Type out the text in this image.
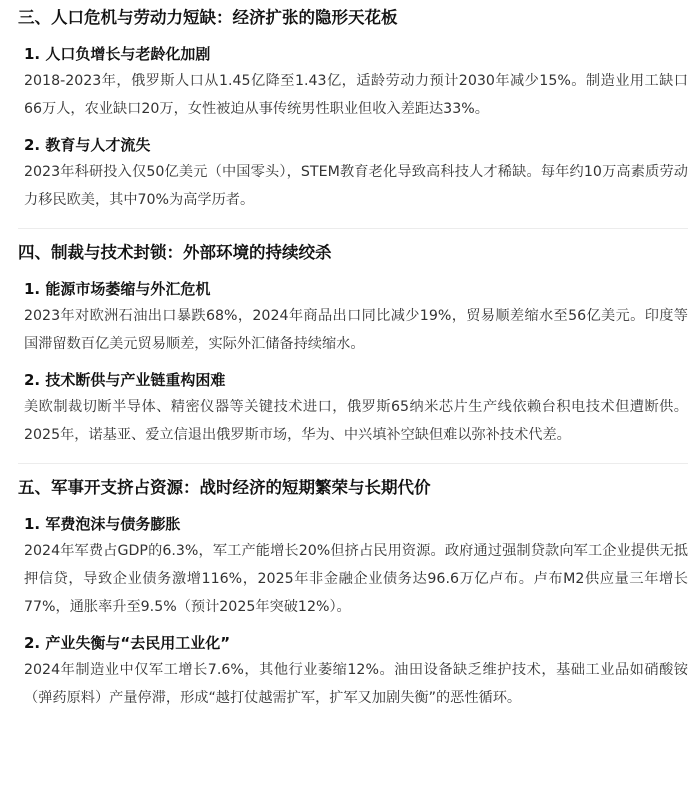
三、人口危机与劳动力短缺：经济扩张的隐形天花板
1. 人口负增长与老龄化加剧

2018-2023年，俄罗斯人口从1.45亿降至1.43亿，适龄劳动力预计2030年减少15%。制造业用工缺口66万人，农业缺口20万，女性被迫从事传统男性职业但收入差距达33%。

2. 教育与人才流失

2023年科研投入仅50亿美元（中国零头），STEM教育老化导致高科技人才稀缺。每年约10万高素质劳动力移民欧美，其中70%为高学历者。

四、制裁与技术封锁：外部环境的持续绞杀
1. 能源市场萎缩与外汇危机

2023年对欧洲石油出口暴跌68%，2024年商品出口同比减少19%，贸易顺差缩水至56亿美元。印度等国滞留数百亿美元贸易顺差，实际外汇储备持续缩水。

2. 技术断供与产业链重构困难

美欧制裁切断半导体、精密仪器等关键技术进口，俄罗斯65纳米芯片生产线依赖台积电技术但遭断供。2025年，诺基亚、爱立信退出俄罗斯市场，华为、中兴填补空缺但难以弥补技术代差。

五、军事开支挤占资源：战时经济的短期繁荣与长期代价
1. 军费泡沫与债务膨胀

2024年军费占GDP的6.3%，军工产能增长20%但挤占民用资源。政府通过强制贷款向军工企业提供无抵押信贷，导致企业债务激增116%，2025年非金融企业债务达96.6万亿卢布。卢布M2供应量三年增长77%，通胀率升至9.5%（预计2025年突破12%）。

2. 产业失衡与“去民用工业化”

2024年制造业中仅军工增长7.6%，其他行业萎缩12%。油田设备缺乏维护技术，基础工业品如硝酸铵（弹药原料）产量停滞，形成“越打仗越需扩军，扩军又加剧失衡”的恶性循环。
